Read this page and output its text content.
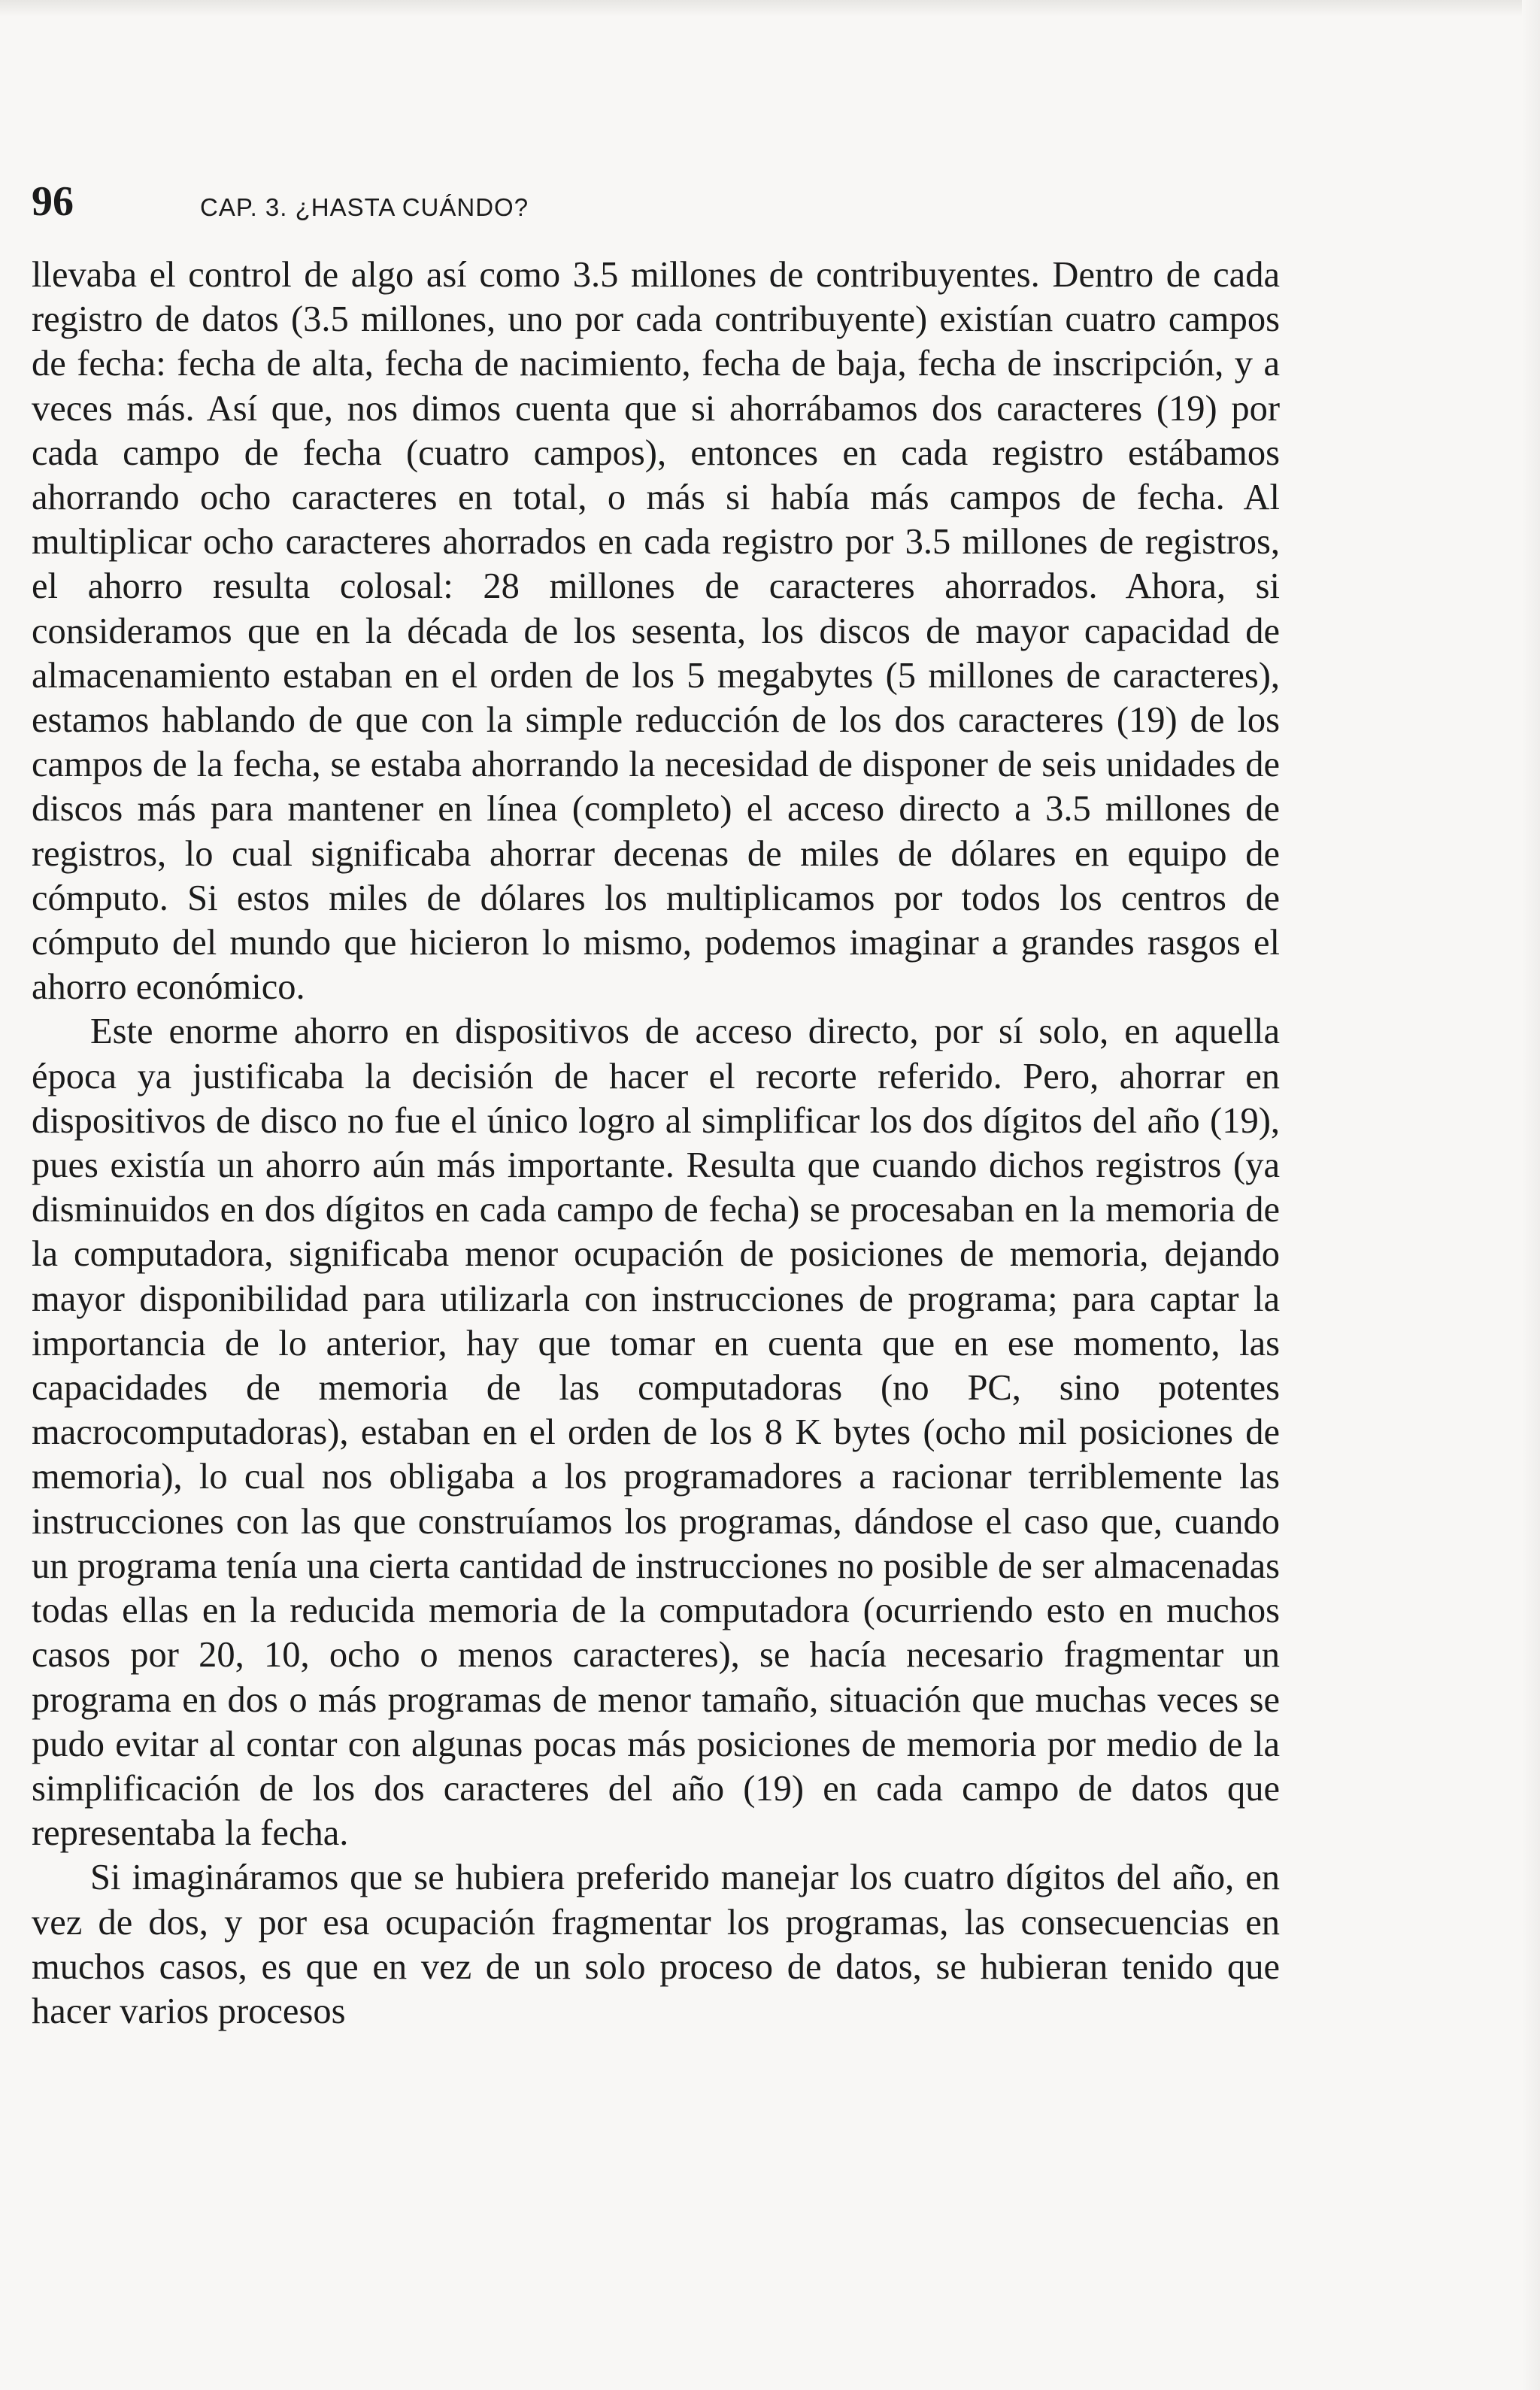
96	CAP. 3. ¿HASTA CUÁNDO?

llevaba el control de algo así como 3.5 millones de contribuyentes. Dentro de cada registro de datos (3.5 millones, uno por cada contribuyente) existían cuatro campos de fecha: fecha de alta, fecha de nacimiento, fecha de baja, fecha de inscripción, y a veces más. Así que, nos dimos cuenta que si ahorrábamos dos caracteres (19) por cada campo de fecha (cuatro campos), entonces en cada registro estábamos ahorrando ocho caracteres en total, o más si había más campos de fecha. Al multiplicar ocho caracteres ahorrados en cada registro por 3.5 millones de registros, el ahorro resulta colosal: 28 millones de caracteres ahorrados. Ahora, si consideramos que en la década de los sesenta, los discos de mayor capacidad de almacenamiento estaban en el orden de los 5 megabytes (5 millones de caracteres), estamos hablando de que con la simple reducción de los dos caracteres (19) de los campos de la fecha, se estaba ahorrando la necesidad de disponer de seis unidades de discos más para mantener en línea (completo) el acceso directo a 3.5 millones de registros, lo cual significaba ahorrar decenas de miles de dólares en equipo de cómputo. Si estos miles de dólares los multiplicamos por todos los centros de cómputo del mundo que hicieron lo mismo, podemos imaginar a grandes rasgos el ahorro económico.

Este enorme ahorro en dispositivos de acceso directo, por sí solo, en aquella época ya justificaba la decisión de hacer el recorte referido. Pero, ahorrar en dispositivos de disco no fue el único logro al simplificar los dos dígitos del año (19), pues existía un ahorro aún más importante. Resulta que cuando dichos registros (ya disminuidos en dos dígitos en cada campo de fecha) se procesaban en la memoria de la computadora, significaba menor ocupación de posiciones de memoria, dejando mayor disponibilidad para utilizarla con instrucciones de programa; para captar la importancia de lo anterior, hay que tomar en cuenta que en ese momento, las capacidades de memoria de las computadoras (no PC, sino potentes macrocomputadoras), estaban en el orden de los 8 K bytes (ocho mil posiciones de memoria), lo cual nos obligaba a los programadores a racionar terriblemente las instrucciones con las que construíamos los programas, dándose el caso que, cuando un programa tenía una cierta cantidad de instrucciones no posible de ser almacenadas todas ellas en la reducida memoria de la computadora (ocurriendo esto en muchos casos por 20, 10, ocho o menos caracteres), se hacía necesario fragmentar un programa en dos o más programas de menor tamaño, situación que muchas veces se pudo evitar al contar con algunas pocas más posiciones de memoria por medio de la simplificación de los dos caracteres del año (19) en cada campo de datos que representaba la fecha.

Si imagináramos que se hubiera preferido manejar los cuatro dígitos del año, en vez de dos, y por esa ocupación fragmentar los programas, las consecuencias en muchos casos, es que en vez de un solo proceso de datos, se hubieran tenido que hacer varios procesos
